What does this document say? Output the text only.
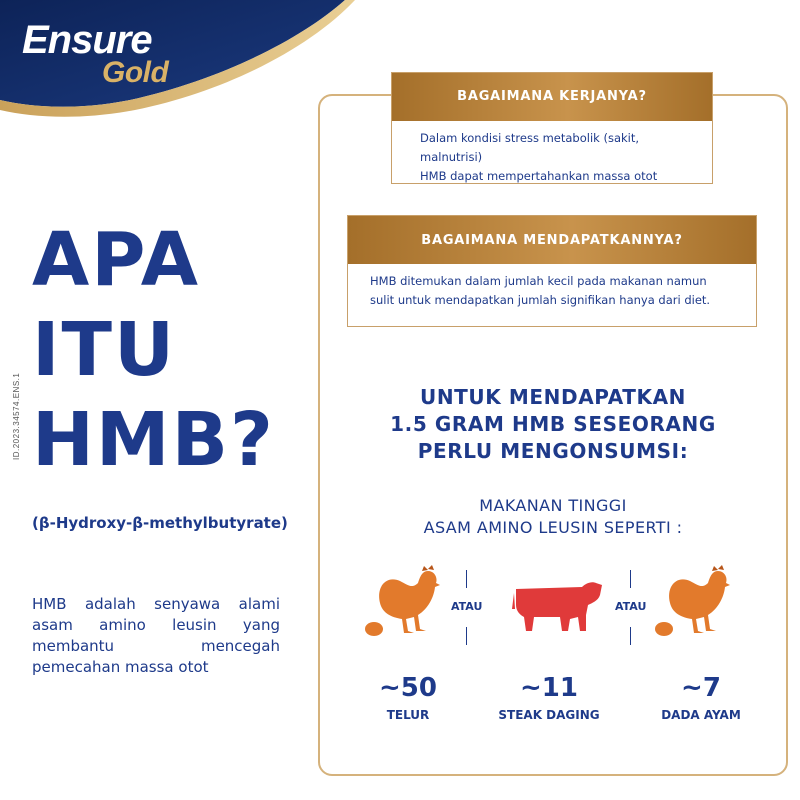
Ensure
Gold
APA
ITU
HMB?
ID.2023.34574.ENS.1
(β-Hydroxy-β-methylbutyrate)
HMB adalah senyawa alami
asam amino leusin yang
membantu mencegah
pemecahan massa otot
BAGAIMANA KERJANYA?
Dalam kondisi stress metabolik (sakit, malnutrisi)
HMB dapat mempertahankan massa otot
BAGAIMANA MENDAPATKANNYA?
HMB ditemukan dalam jumlah kecil pada makanan namun
sulit untuk mendapatkan jumlah signifikan hanya dari diet.
UNTUK MENDAPATKAN
1.5 GRAM HMB SESEORANG
PERLU MENGONSUMSI:
MAKANAN TINGGI
ASAM AMINO LEUSIN SEPERTI :
ATAU	ATAU
~50
TELUR
~11
STEAK DAGING
~7
DADA AYAM
